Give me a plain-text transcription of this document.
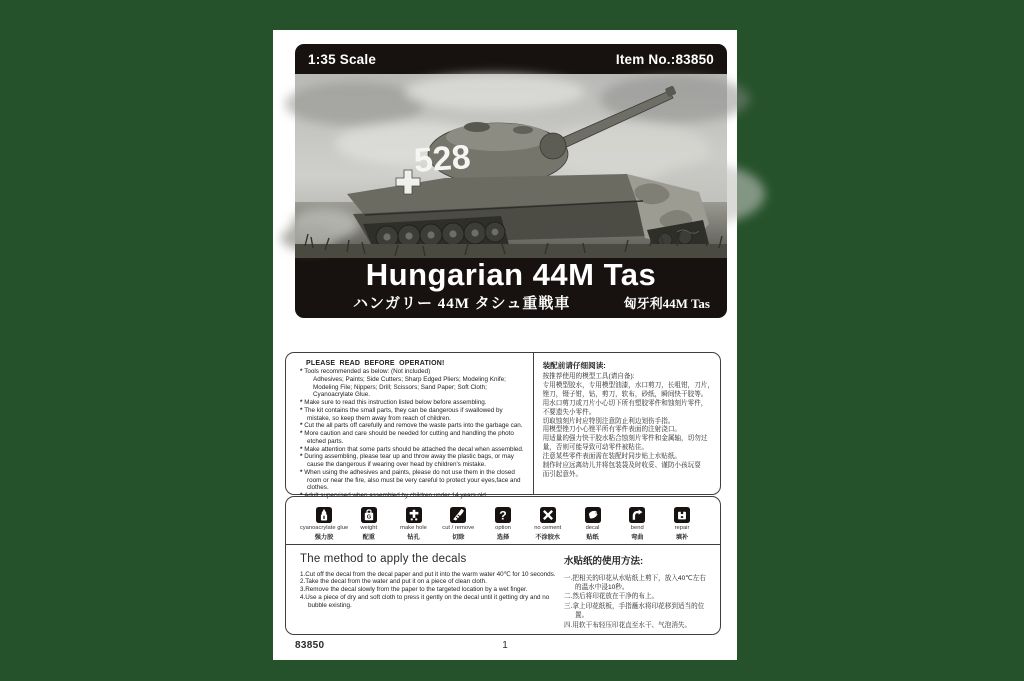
1:35 Scale	Item No.:83850
528
Hungarian 44M Tas
ハンガリー 44M タシュ重戦車	匈牙利44M Tas
PLEASE  READ  BEFORE  OPERATION!
* Tools recommended as below: (Not included)
Adhesives; Paints; Side Cutters; Sharp Edged Pliers; Modeling Knife; Modeling File; Nippers; Drill; Scissors; Sand Paper; Soft Cloth; Cyanoacrylate Glue.
* Make sure to read this instruction listed below before assembling.
* The kit contains the small parts, they can be dangerous if swallowed by mistake, so keep them away from reach of children.
* Cut the all parts off carefully and remove the waste parts into the garbage can.
* More caution and care should be needed for cutting and handling the photo etched parts.
* Make attention that some parts should be attached the decal when assembled.
* During assembling, please tear up and throw away the plastic bags, or may cause the dangerous if wearing over head by children's mistake.
* When using the adhesives and paints, please do not use them in the closed room or near the fire, also must be very careful to protect your eyes,face and clothes.
* Adult supervised when assembled by children under 14 years old.
装配前请仔细阅读:
按推荐使用的模型工具(请自备):
专用模型胶水，专用模型油漆，水口剪刀，长咀钳，刀片，
锉刀，镊子钳，钻，剪刀，软布，砂纸，瞬间快干胶等。
用水口剪刀或刀片小心切下所有塑胶零件和蚀刻片零件，
不要遗失小零件。
切取蚀刻片时应特别注意防止利边划伤手指。
用模型锉刀小心锉平所有零件表面的注射浇口。
用适量的强力快干胶水粘合蚀刻片零件和金属轴，切勿过
量，否则可能导致可动零件被粘住。
注意某些零件表面需在装配时同步贴上水贴纸。
制作时应远离幼儿并将包装袋及时收妥、谨防小孩玩耍
而引起意外。
cyanoacrylate glue
强力胶
G
weight
配重
make hole
钻孔
cut / remove
切除
?
option
选择
no cement
不涂胶水
decal
贴纸
bend
弯曲
repair
填补
The method to apply the decals
1.Cut off the decal from the decal paper and put it into the warm water 40℃ for 10 seconds.
2.Take the decal from the water and put it on a piece of clean cloth.
3.Remove the decal slowly from the paper to the targeted location by a wet finger.
4.Use a piece of dry and soft cloth to press it gently on the decal until it getting dry and no bubble existing.
水贴纸的使用方法:
一.把相关的印花从水贴纸上剪下，放入40℃左右的温水中浸10秒。
二.然后将印花放在干净的布上。
三.拿上印花纸板，手指蘸水将印花移到适当的位置。
四.用软干布轻压印花直至水干、气泡消失。
83850	1
